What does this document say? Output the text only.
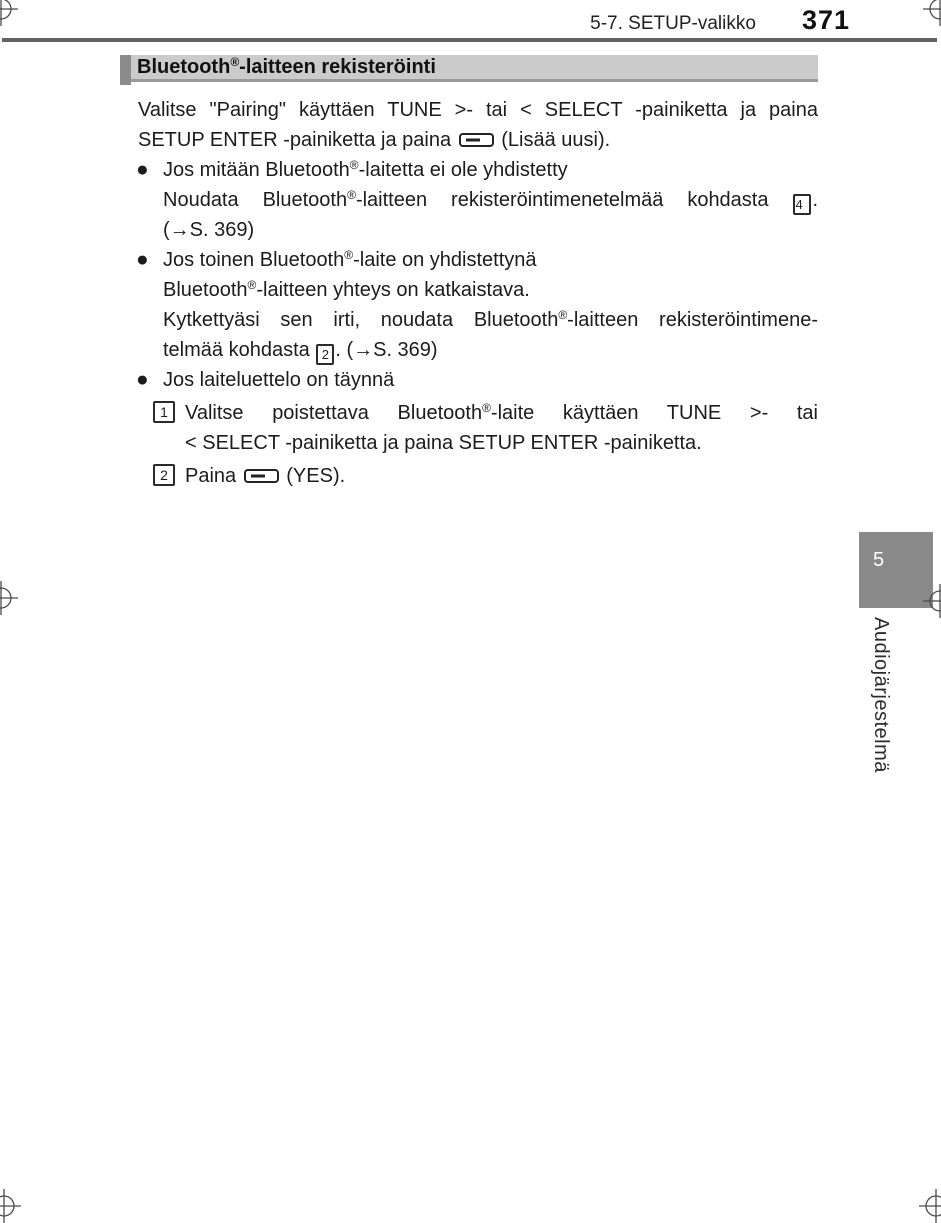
5-7. SETUP-valikko 371
Bluetooth®-laitteen rekisteröinti
Valitse "Pairing" käyttäen TUNE >- tai < SELECT -painiketta ja paina
SETUP ENTER -painiketta ja paina  (Lisää uusi).
● Jos mitään Bluetooth®-laitetta ei ole yhdistetty
Noudata Bluetooth®-laitteen rekisteröintimenetelmää kohdasta 4 .
(→S. 369)
● Jos toinen Bluetooth®-laite on yhdistettynä
Bluetooth®-laitteen yhteys on katkaistava.
Kytkettyäsi sen irti, noudata Bluetooth®-laitteen rekisteröintimene-
telmää kohdasta 2 . (→S. 369)
● Jos laiteluettelo on täynnä
1 Valitse poistettava Bluetooth®-laite käyttäen TUNE >- tai
< SELECT -painiketta ja paina SETUP ENTER -painiketta.
2 Paina  (YES).
5
Audiojärjestelmä
